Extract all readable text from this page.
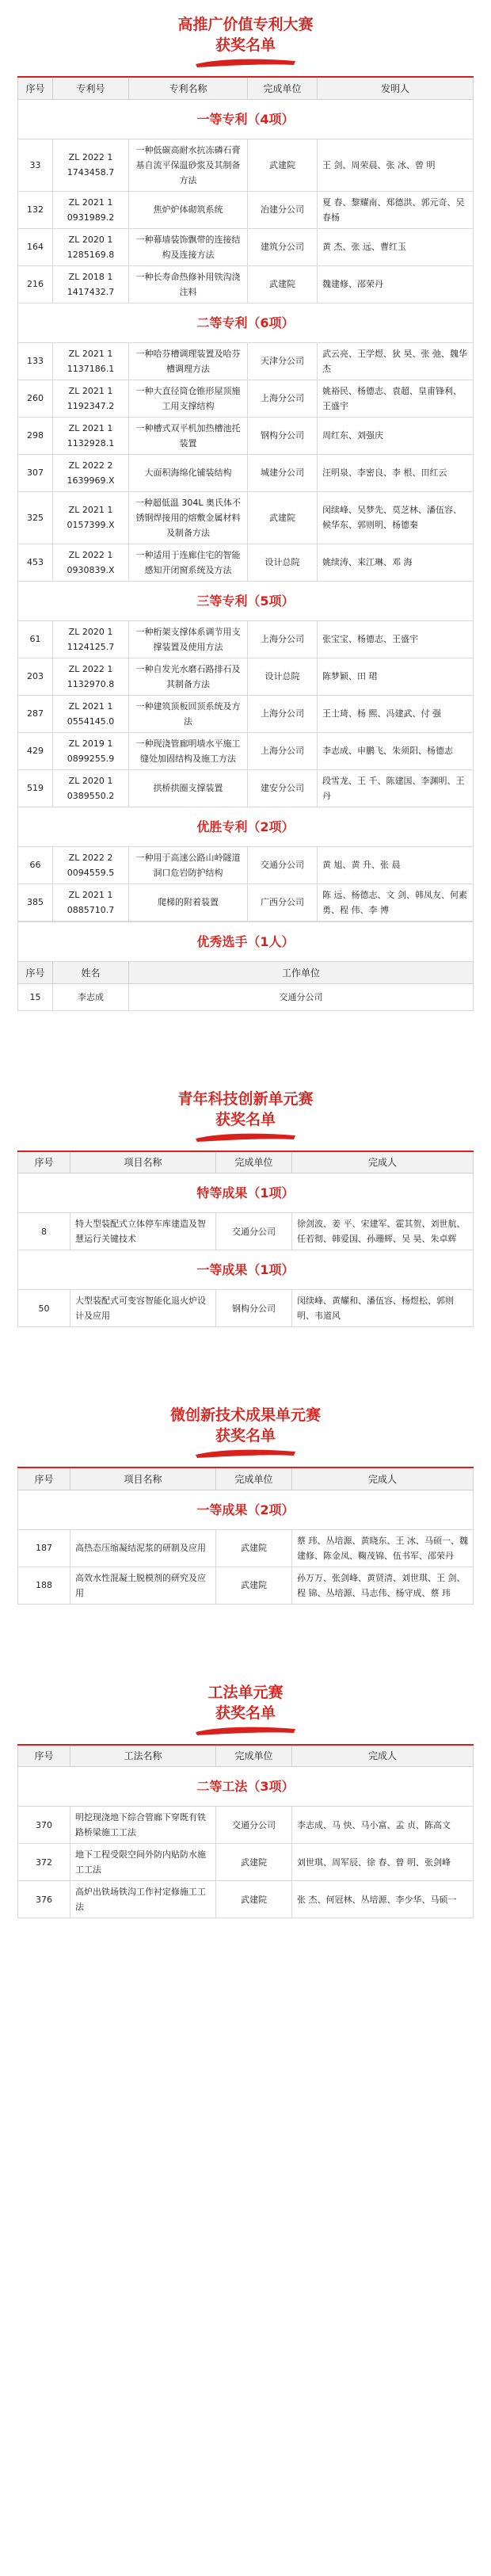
高推广价值专利大赛
获奖名单
序号	专利号	专利名称	完成单位	发明人
一等专利（4项）				
33	ZL 2022 1 1743458.7	一种低碳高耐水抗冻磷石膏基自流平保温砂浆及其制备方法	武建院	王 剑、周荣晨、张 冰、曾 明
132	ZL 2021 1 0931989.2	焦炉炉体砌筑系统	冶建分公司	夏 春、黎耀南、郑德洪、郭元奇、吴春杨
164	ZL 2020 1 1285169.8	一种幕墙装饰飘带的连接结构及连接方法	建筑分公司	黄 杰、张 远、曹红玉
216	ZL 2018 1 1417432.7	一种长寿命热修补用铁沟浇注料	武建院	魏建修、邵荣丹
二等专利（6项）				
133	ZL 2021 1 1137186.1	一种哈芬槽调理装置及哈芬槽调理方法	天津分公司	武云亮、王学煜、狄 昊、张 弛、魏华杰
260	ZL 2021 1 1192347.2	一种大直径筒仓锥形屋顶施工用支撑结构	上海分公司	姚裕民、杨德志、袁超、皇甫锋利、王盛宇
298	ZL 2021 1 1132928.1	一种槽式双平机加热槽池托装置	钢构分公司	周红东、刘强庆
307	ZL 2022 2 1639969.X	大面积海绵化铺装结构	城建分公司	汪明泉、李密良、李 根、田红云
325	ZL 2021 1 0157399.X	一种超低温 304L 奥氏体不锈钢焊接用的熔敷金属材料及制备方法	武建院	闵续峰、吴梦先、莫芝林、潘伍容、候华东、郭则明、杨德秦
453	ZL 2022 1 0930839.X	一种适用于连廊住宅的智能感知开闭窗系统及方法	设计总院	姚续涛、来江琳、邓 海
三等专利（5项）				
61	ZL 2020 1 1124125.7	一种桁架支撑体系调节用支撑装置及使用方法	上海分公司	张宝宝、杨德志、王盛宇
203	ZL 2022 1 1132970.8	一种自发光水磨石路排石及其制备方法	设计总院	陈梦颖、田 珺
287	ZL 2021 1 0554145.0	一种建筑顶板回顶系统及方法	上海分公司	王士琦、杨 熙、冯建武、付 强
429	ZL 2019 1 0899255.9	一种现浇管廊明墙水平施工缝处加固结构及施工方法	上海分公司	李志成、申鹏飞、朱须阳、杨德志
519	ZL 2020 1 0389550.2	拱桥拱圈支撑装置	建安分公司	段雪龙、王 千、陈建国、李渊明、王 丹
优胜专利（2项）				
66	ZL 2022 2 0094559.5	一种用于高速公路山岭隧道洞口危岩防护结构	交通分公司	黄 旭、黄 升、张 晨
385	ZL 2021 1 0885710.7	爬梯的附着装置	广西分公司	陈 远、杨德志、文 剑、韩凤友、何素勇、程 伟、李 博
优秀选手（1人）		
序号	姓名	工作单位
15	李志成	交通分公司
青年科技创新单元赛
获奖名单
序号	项目名称	完成单位	完成人
特等成果（1项）			
8	特大型装配式立体停车库建造及智慧运行关键技术	交通分公司	徐剑波、姜 平、宋建军、霍其贺、刘世航、任若彻、韩爱国、孙珊辉、吴 昊、朱卓辉
一等成果（1项）			
50	大型装配式可变容智能化退火炉设计及应用	钢构分公司	闵续峰、黄耀和、潘伍容、杨煜松、郭则明、韦道风
微创新技术成果单元赛
获奖名单
序号	项目名称	完成单位	完成人
一等成果（2项）			
187	高热态压缩凝结泥浆的研制及应用	武建院	蔡 玮、丛培源、黄晓东、王 冰、马硕一、魏建修、陈金凤、鞠茂锦、伍书军、邵荣丹
188	高效水性混凝土脱模剂的研究及应用	武建院	孙万万、张剑峰、黄贤清、刘世琪、王 剑、程 锦、丛培源、马志伟、杨守成、蔡 玮
工法单元赛
获奖名单
序号	工法名称	完成单位	完成人
二等工法（3项）			
370	明挖现浇地下综合管廊下穿既有铁路桥梁施工工法	交通分公司	李志成、马 快、马小富、孟 贞、陈高文
372	地下工程受限空间外防内贴防水施工工法	武建院	刘世琪、周军辰、徐 春、曾 明、张剑峰
376	高炉出铁场铁沟工作衬定修施工工法	武建院	张 杰、何冠林、丛培源、李少华、马硕一
